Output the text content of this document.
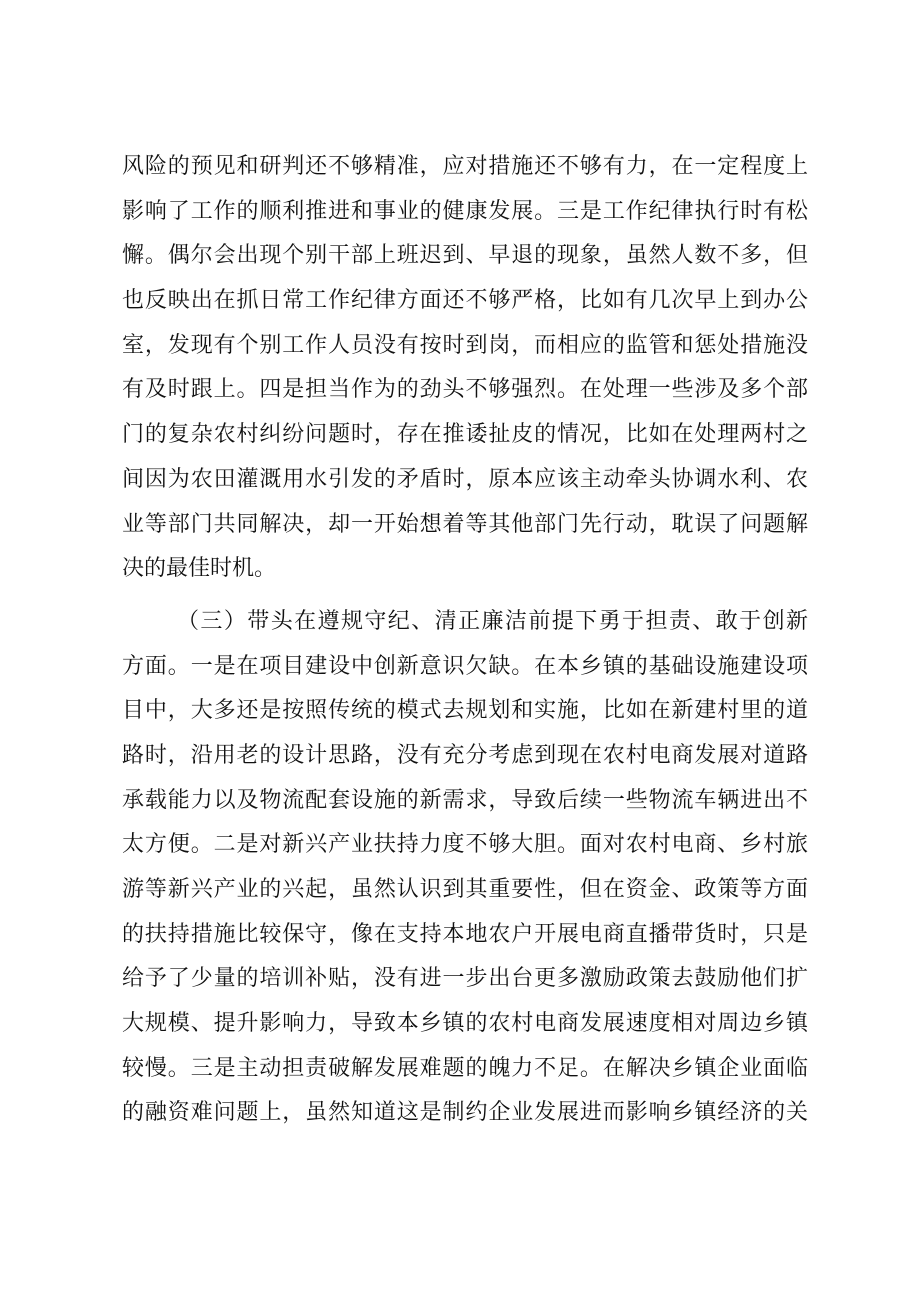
风险的预见和研判还不够精准，应对措施还不够有力，在一定程度上
影响了工作的顺利推进和事业的健康发展。三是工作纪律执行时有松
懈。偶尔会出现个别干部上班迟到、早退的现象，虽然人数不多，但
也反映出在抓日常工作纪律方面还不够严格，比如有几次早上到办公
室，发现有个别工作人员没有按时到岗，而相应的监管和惩处措施没
有及时跟上。四是担当作为的劲头不够强烈。在处理一些涉及多个部
门的复杂农村纠纷问题时，存在推诿扯皮的情况，比如在处理两村之
间因为农田灌溉用水引发的矛盾时，原本应该主动牵头协调水利、农
业等部门共同解决，却一开始想着等其他部门先行动，耽误了问题解
决的最佳时机。
（三）带头在遵规守纪、清正廉洁前提下勇于担责、敢于创新
方面。一是在项目建设中创新意识欠缺。在本乡镇的基础设施建设项
目中，大多还是按照传统的模式去规划和实施，比如在新建村里的道
路时，沿用老的设计思路，没有充分考虑到现在农村电商发展对道路
承载能力以及物流配套设施的新需求，导致后续一些物流车辆进出不
太方便。二是对新兴产业扶持力度不够大胆。面对农村电商、乡村旅
游等新兴产业的兴起，虽然认识到其重要性，但在资金、政策等方面
的扶持措施比较保守，像在支持本地农户开展电商直播带货时，只是
给予了少量的培训补贴，没有进一步出台更多激励政策去鼓励他们扩
大规模、提升影响力，导致本乡镇的农村电商发展速度相对周边乡镇
较慢。三是主动担责破解发展难题的魄力不足。在解决乡镇企业面临
的融资难问题上，虽然知道这是制约企业发展进而影响乡镇经济的关
